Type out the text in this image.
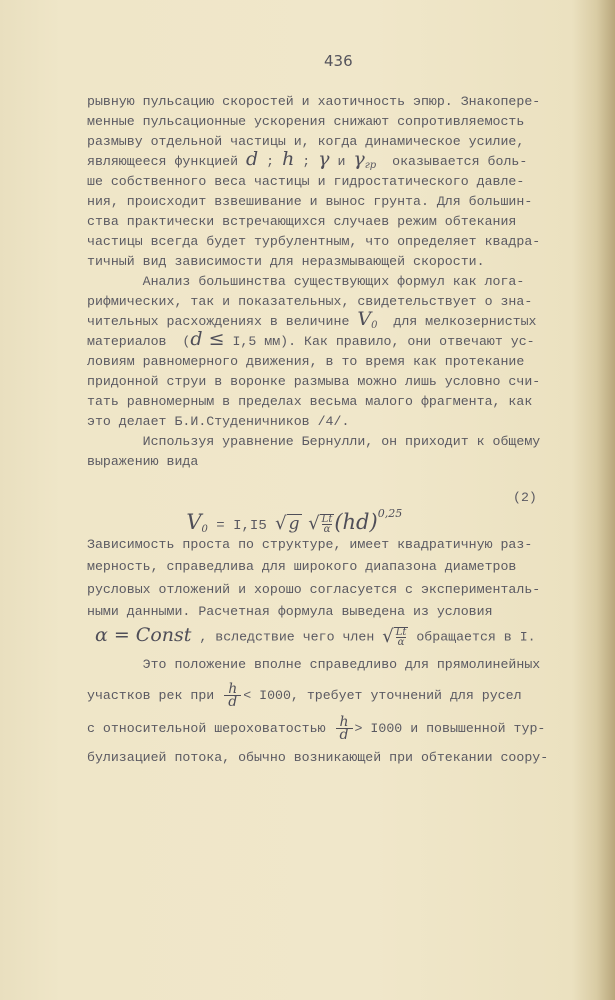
436
рывную пульсацию скоростей и хаотичность эпюр. Знакопере-
менные пульсационные ускорения снижают сопротивляемость
размыву отдельной частицы и, когда динамическое усилие,
являющееся функцией d ; h ; γ и $\gamma_{гр}$  оказывается боль-
ше собственного веса частицы и гидростатического давле-
ния, происходит взвешивание и вынос грунта. Для большин-
ства практически встречающихся случаев режим обтекания
частицы всегда будет турбулентным, что определяет квадра-
тичный вид зависимости для неразмывающей скорости.
Анализ большинства существующих формул как лога-
рифмических, так и показательных, свидетельствует о зна-
чительных расхождениях в величине $V_0$  для мелкозернистых
материалов  (d ≤ I,5 мм). Как правило, они отвечают ус-
ловиям равномерного движения, в то время как протекание
придонной струи в воронке размыва можно лишь условно счи-
тать равномерным в пределах весьма малого фрагмента, как
это делает Б.И.Студеничников /4/.
Используя уравнение Бернулли, он приходит к общему
выражению вида
Зависимость проста по структуре, имеет квадратичную раз-
мерность, справедлива для широкого диапазона диаметров
русловых отложений и хорошо согласуется с эксперименталь-
ными данными. Расчетная формула выведена из условия
α = Const , вследствие чего член √ $\frac{Lt}{\alpha}$ обращается в I.
Это положение вполне справедливо для прямолинейных
участков рек при $\frac{h}{d} < I000$, требует уточнений для русел
с относительной шероховатостью $\frac{h}{d} > I000$ и повышенной тур-
булизацией потока, обычно возникающей при обтекании соору-

$V_0 = I,I5$ √ g
√ $\frac{Lt}{\alpha} (hd)^{0,25}$

(2)
